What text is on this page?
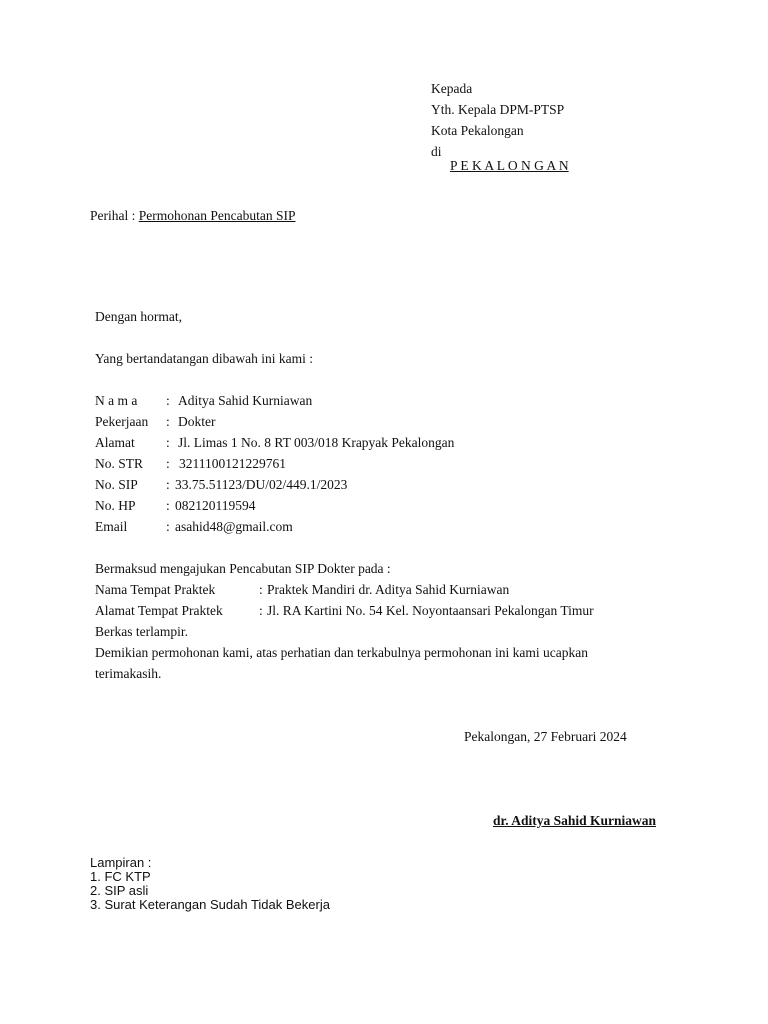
Kepada
Yth. Kepala DPM-PTSP
Kota Pekalongan
di
P E K A L O N G A N
Perihal : Permohonan Pencabutan SIP
Dengan hormat,
Yang bertandatangan dibawah ini kami :
N a m a : Aditya Sahid Kurniawan
Pekerjaan : Dokter
Alamat : Jl. Limas 1 No. 8 RT 003/018 Krapyak Pekalongan
No. STR : 3211100121229761
No. SIP : 33.75.51123/DU/02/449.1/2023
No. HP : 082120119594
Email	: asahid48@gmail.com
Bermaksud mengajukan Pencabutan SIP Dokter pada :
Nama Tempat Praktek	: Praktek Mandiri dr. Aditya Sahid Kurniawan
Alamat Tempat Praktek	: Jl. RA Kartini No. 54 Kel. Noyontaansari Pekalongan Timur
Berkas terlampir.
Demikian permohonan kami, atas perhatian dan terkabulnya permohonan ini kami ucapkan
terimakasih.
Pekalongan, 27 Februari 2024
dr. Aditya Sahid Kurniawan
Lampiran :
1. FC KTP
2. SIP asli
3. Surat Keterangan Sudah Tidak Bekerja
